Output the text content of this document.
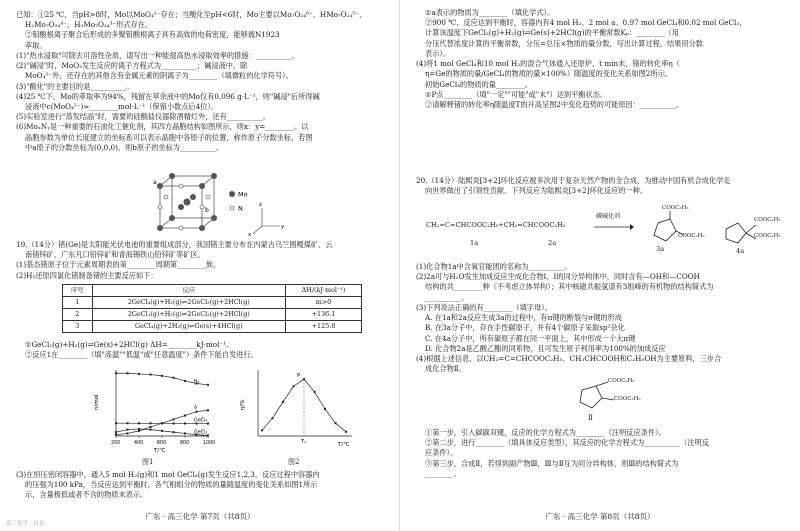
已知：①25 ℃，当pH>8时，Mo以MoO₄²⁻存在；当酸化至pH<6时，Mo主要以Mo₇O₂₄⁶⁻、HMo₇O₂₄⁵⁻、

H₂Mo₇O₂₄⁴⁻、H₃Mo₇O₂₄³⁻形式存在。

②钼酸根离子聚合后形成的多聚钼酸根离子具有高效的电荷密度，能够被N1923

萃取。

(1)"热水浸取"可除去可溶性杂质，请写出一种能提高热水浸取效率的措施：__________。

(2)"碱浸"时，MoO₃发生反应的离子方程式为__________；碱浸液中，除

MoO₄²⁻外，还存在的其他含有金属元素的阴离子为________（填微粒的化学符号）。

(3)"酸化"的主要目的是__________。

(4)25 ℃下，Mo的萃取率为94%，残留在萃余液中的Mo仅有0.096 g·L⁻¹，则"碱浸"后所得碱

浸液中c(MoO₄²⁻)≈________mol·L⁻¹（保留小数点后4位）。

(5)实验室进行"蒸发结晶"时，需要的硅酸盐仪器除酒精灯外，还有__________。

(6)MoₓNᵧ是一种重要的石油化工催化剂，其四方晶胞结构如图所示，则x：y=________。以

晶胞参数为单位长度建立的坐标系可以表示晶胞中各原子的位置，称作原子分数坐标，若图

中a原子的分数坐标为(0,0,0)，则b原子的坐标为__________。

Mo
N
a
b
z
y
x

19.（14分）锗(Ge)是太阳能光伏电池的重要组成部分，我国锗主要分布在内蒙古乌兰图嘎煤矿、云

南锗锌矿、广东凡口铅锌矿和青海锡铁山铅锌矿等矿区。

(1)基态锗原子位于元素周期表的第________周期第________族。

(2)H₂还原四氯化锗制备锗的主要反应如下：

序号	反应	ΔH/(kJ·mol⁻¹)
1	2GeCl₄(g)+H₂(g)⇌2GeCl₃(g)+2HCl(g)	m>0
2	2GeCl₃(g)+H₂(g)⇌2GeCl₂(g)+2HCl(g)	+136.1
3	GeCl₄(g)+2H₂(g)⇌Ge(s)+4HCl(g)	+125.8

①GeCl₂(g)+H₂(g)⇌Ge(s)+2HCl(g) ΔH=________kJ·mol⁻¹。

②反应1在________（填"高温""低温"或"任意温度"）条件下能自发进行。

n/mol
T/℃
200	400	600	800	1000
H₂
a
GeCl₄
GeCl₂

图1

η/%
T/℃
P
T₁

图2

(3)在恒压密闭容器中，通入5 mol H₂(g)和1 mol GeCl₄(g)发生反应1,2,3，反应过程中容器内

的压强为100 kPa，当反应达到平衡时，各气相组分的物质的量随温度的变化关系如图1所示

示，含量极低或者不含的物质未表示。

广东 · 高三化学 第7页（共8页）
高三化学 · 试卷

①a表示的物质为________（填化学式）。

②900 ℃，反应达到平衡时，容器内有4 mol H₂、2 mol a、0.97 mol GeCl₄和0.02 mol GeCl₃，

计算该温度下GeCl₂(g)+H₂(g)⇌Ge(s)+2HCl(g)的平衡常数Kₚ：________（用

分压代替浓度计算的平衡常数，分压=总压×物质的量分数，写出计算过程，结果用分数

表示）。

(4)将1 mol GeCl₄和10 mol H₂的混合气体通入还原炉，t min末，锗的转化率η（

η=Ge的物质的量/GeCl₄的物质的量×100%）随温度的变化关系如图2所示。

初始GeCl₄的物质的量________。

①P点________（填"一定""可能"或"未"）达到平衡状态。

②请解释锗的转化率η随温度T的升高呈图2中变化趋势的可能原因：__________。

20.（14分）陆熙炎[3+2]环化反应被多次用于复杂天然产物的全合成，为推动中国有机合成化学走

向世界做出了引领性贡献。下列反应为陆熙炎[3+2]环化反应的一种。

CH₂=C=CHCOOC₂H₅+CH₂=CHCOOC₂H₅

1a	2a

磷碱化剂

COOC₂H₅

COOC₂H₅

3a

COOC₂H₅

COOC₂H₅

4a

(1)化合物1a中含氧官能团的名称为__________。

(2)2a可与H₂O发生加成反应生成化合物Ⅰ，Ⅰ的同分异构体中，同时含有—OH和—COOH

结构的共________种（不考虑立体异构）；其中核磁共振氢谱有3组峰的有机物的结构简式为

__________。

(3)下列说法正确的有________（填字母）。

A. 在1a和2a反应生成3a的过程中，有π键的断裂与σ键的形成

B. 在3a分子中，存在手性碳原子，并有4个碳原子采取sp²杂化

C. 在4a分子中，所有碳原子都在同一平面上，其中形成一个大π键

D. 化合物2a是乙酸乙酯的同系物，且可发生原子利用率为100%的加成反应

(4)根据上述信息，以CH₂=C=CHCOOC₂H₅、CH₃CHCOOH和C₂H₅OH为主要原料，三步合

成化合物Ⅱ。

COOC₂H₅

COOC₂H₅

Ⅱ

①第一步，引入碳碳双键，反应的化学方程式为________（注明反应条件）。

②第二步，进行________（填具体反应类型），其反应的化学方程式为__________（注明反

应条件）。

③第三步，合成Ⅱ，若得到副产物Ⅲ，Ⅲ与Ⅱ互为同分异构体，则Ⅲ的结构简式为

________。

广东 · 高三化学 第8页（共8页）
